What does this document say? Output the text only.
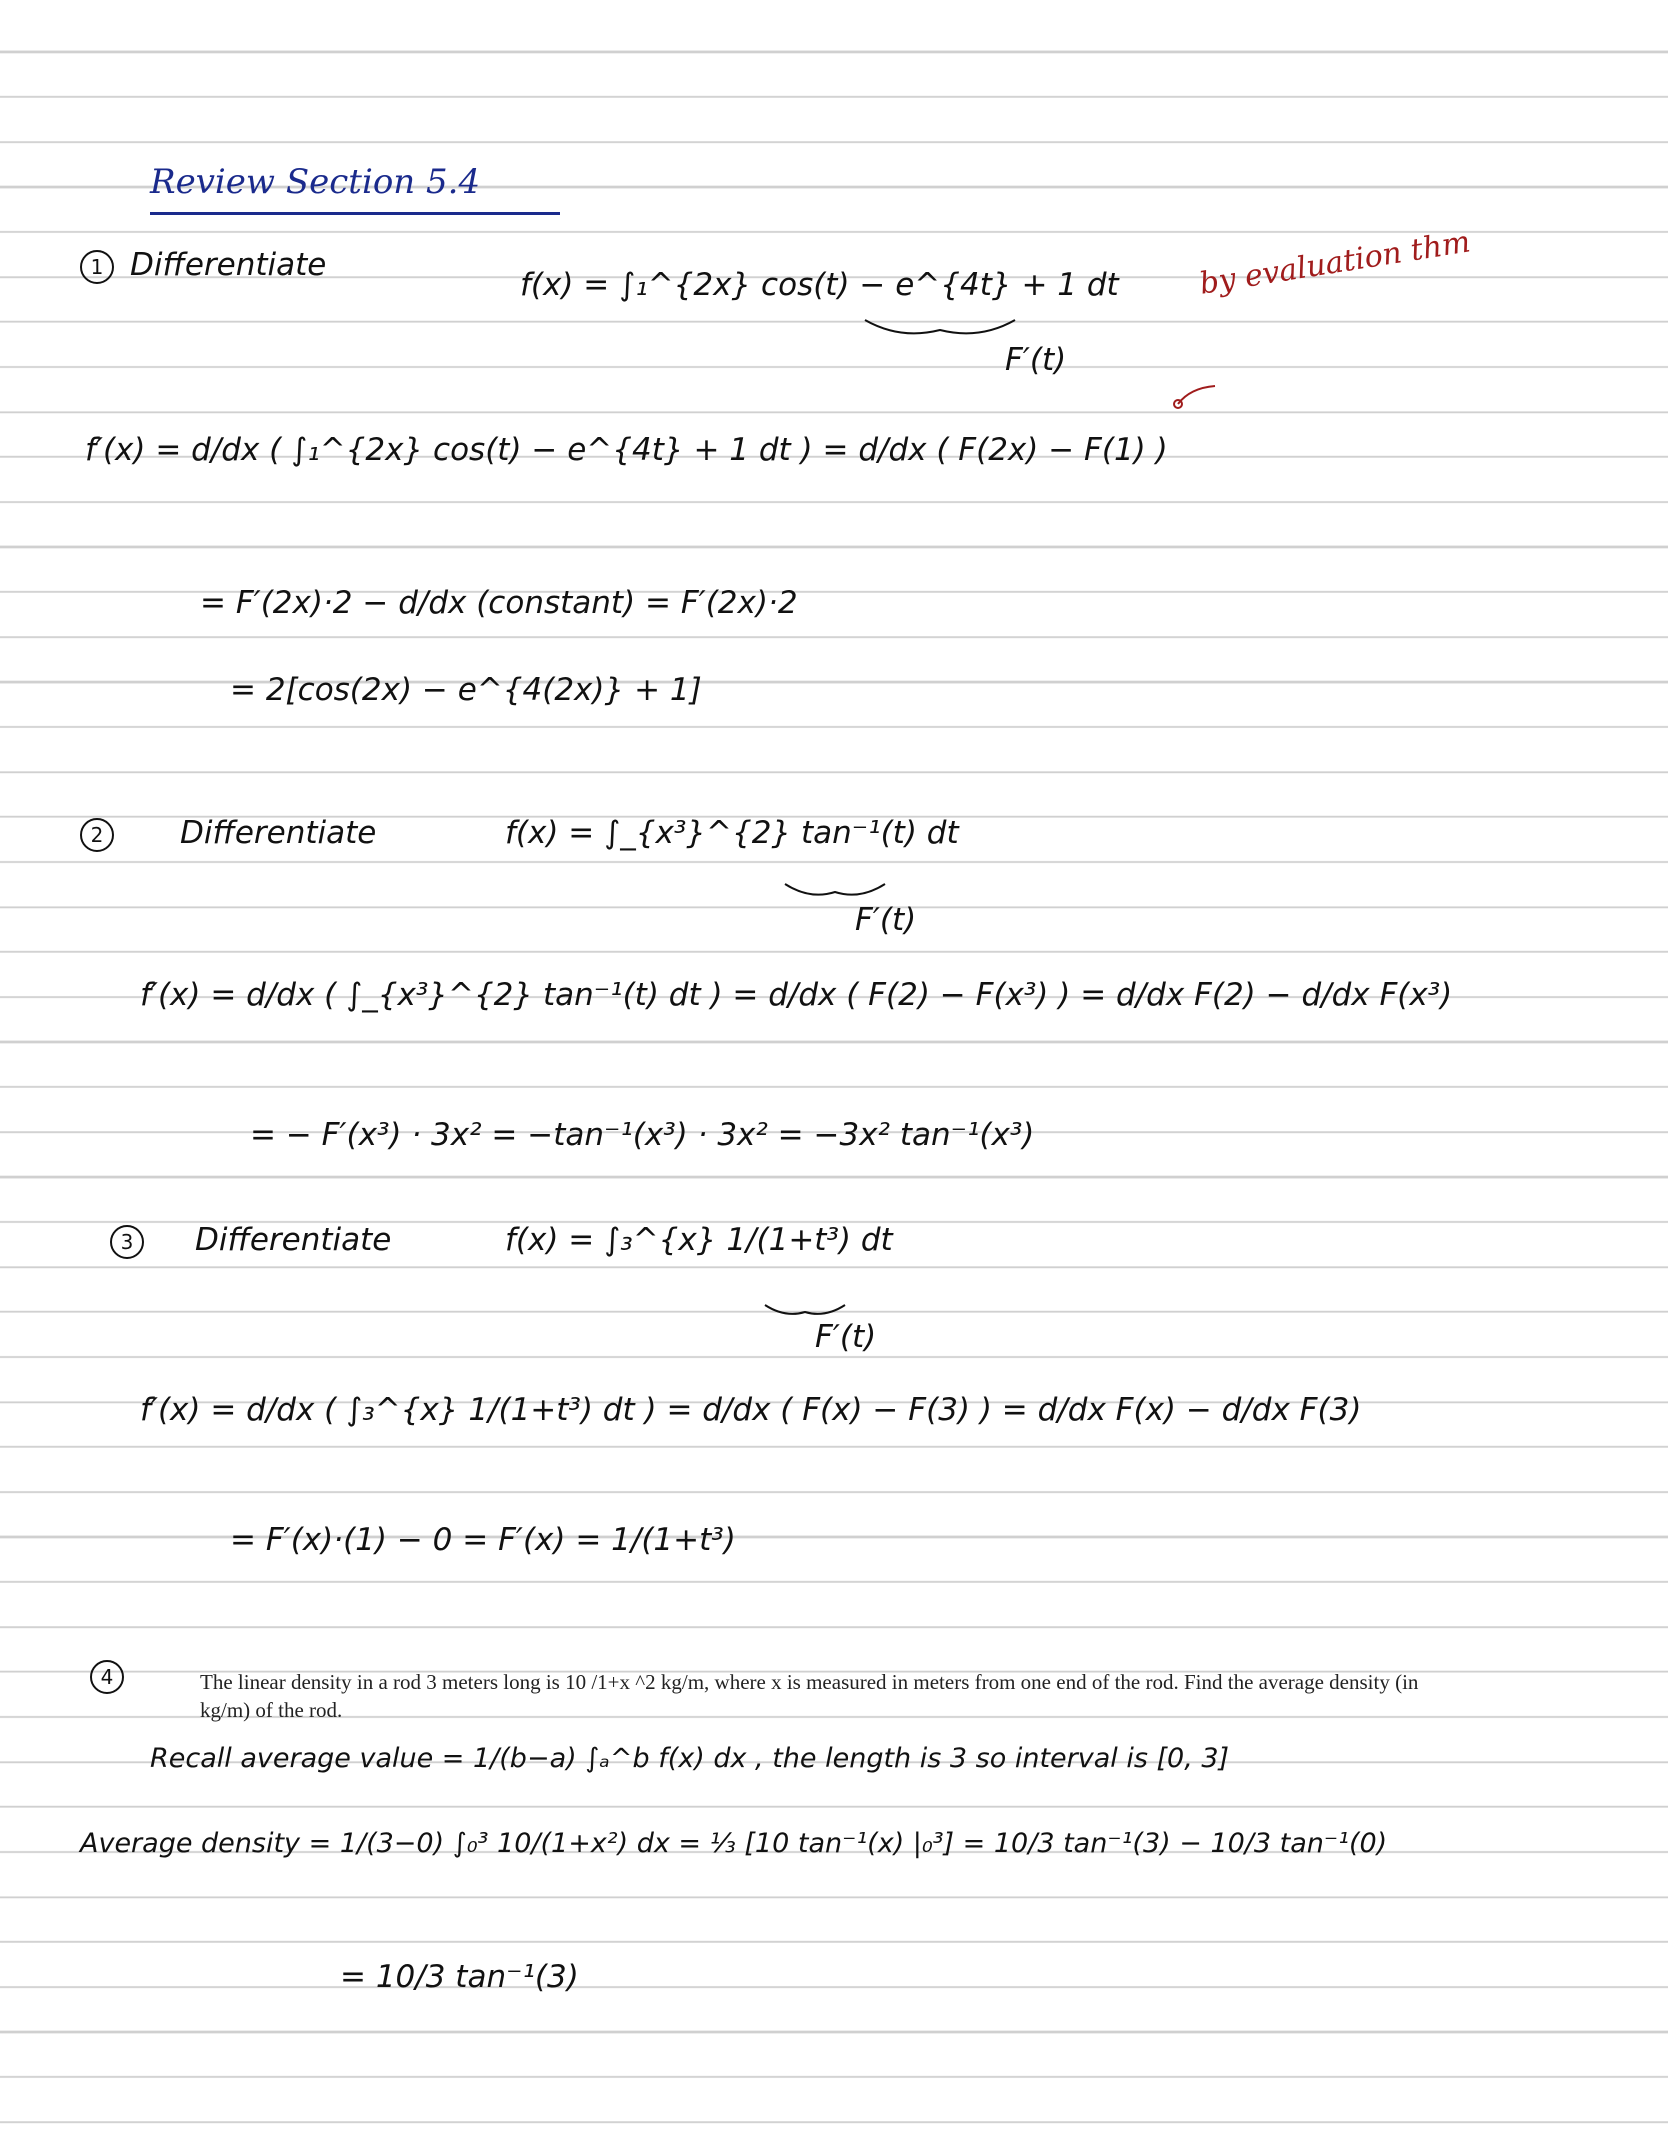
Review Section 5.4
1 Differentiate
f(x) = ∫₁^{2x} cos(t) − e^{4t} + 1 dt
F′(t)
by evaluation thm
f′(x) = d/dx ( ∫₁^{2x} cos(t) − e^{4t} + 1 dt ) = d/dx ( F(2x) − F(1) )
= F′(2x)·2 − d/dx (constant) = F′(2x)·2
= 2[cos(2x) − e^{4(2x)} + 1]
2	Differentiate	f(x) = ∫_{x³}^{2} tan⁻¹(t) dt
F′(t)
f′(x) = d/dx ( ∫_{x³}^{2} tan⁻¹(t) dt ) = d/dx ( F(2) − F(x³) ) = d/dx F(2) − d/dx F(x³)
= − F′(x³) · 3x² = −tan⁻¹(x³) · 3x² = −3x² tan⁻¹(x³)
3	Differentiate	f(x) = ∫₃^{x} 1/(1+t³) dt
F′(t)
f′(x) = d/dx ( ∫₃^{x} 1/(1+t³) dt ) = d/dx ( F(x) − F(3) ) = d/dx F(x) − d/dx F(3)
= F′(x)·(1) − 0 = F′(x) = 1/(1+t³)
4	The linear density in a rod 3 meters long is 10 /1+x ^2 kg/m, where x is measured in meters from one end of the rod. Find the average density (in kg/m) of the rod.
Recall average value = 1/(b−a) ∫ₐ^b f(x) dx , the length is 3 so interval is [0, 3]
Average density = 1/(3−0) ∫₀³ 10/(1+x²) dx = ⅓ [10 tan⁻¹(x) |₀³] = 10/3 tan⁻¹(3) − 10/3 tan⁻¹(0)
= 10/3 tan⁻¹(3)
